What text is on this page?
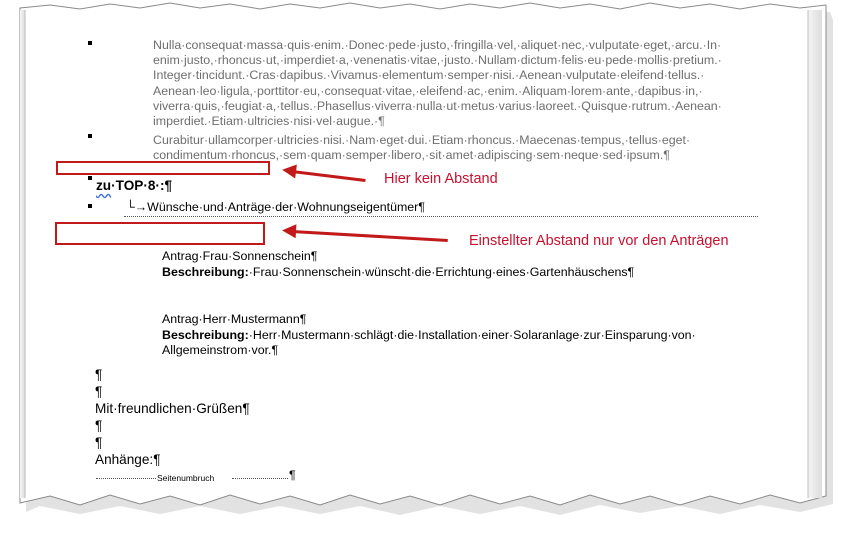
Nulla·consequat·massa·quis·enim.·Donec·pede·justo,·fringilla·vel,·aliquet·nec,·vulputate·eget,·arcu.·In·
enim·justo,·rhoncus·ut,·imperdiet·a,·venenatis·vitae,·justo.·Nullam·dictum·felis·eu·pede·mollis·pretium.·
Integer·tincidunt.·Cras·dapibus.·Vivamus·elementum·semper·nisi.·Aenean·vulputate·eleifend·tellus.·
Aenean·leo·ligula,·porttitor·eu,·consequat·vitae,·eleifend·ac,·enim.·Aliquam·lorem·ante,·dapibus·in,·
viverra·quis,·feugiat·a,·tellus.·Phasellus·viverra·nulla·ut·metus·varius·laoreet.·Quisque·rutrum.·Aenean·
imperdiet.·Etiam·ultricies·nisi·vel·augue.·¶
Curabitur·ullamcorper·ultricies·nisi.·Nam·eget·dui.·Etiam·rhoncus.·Maecenas·tempus,·tellus·eget·
condimentum·rhoncus,·sem·quam·semper·libero,·sit·amet·adipiscing·sem·neque·sed·ipsum.¶
zu·TOP·8·:¶
└→Wünsche·und·Anträge·der·Wohnungseigentümer¶
Antrag·Frau·Sonnenschein¶
Beschreibung:·Frau·Sonnenschein·wünscht·die·Errichtung·eines·Gartenhäuschens¶
Antrag·Herr·Mustermann¶
Beschreibung:·Herr·Mustermann·schlägt·die·Installation·einer·Solaranlage·zur·Einsparung·von·
Allgemeinstrom·vor.¶
¶
¶
Mit·freundlichen·Grüßen¶
¶
¶
Anhänge:¶
Seitenumbruch	¶
Hier kein Abstand
Einstellter Abstand nur vor den Anträgen
